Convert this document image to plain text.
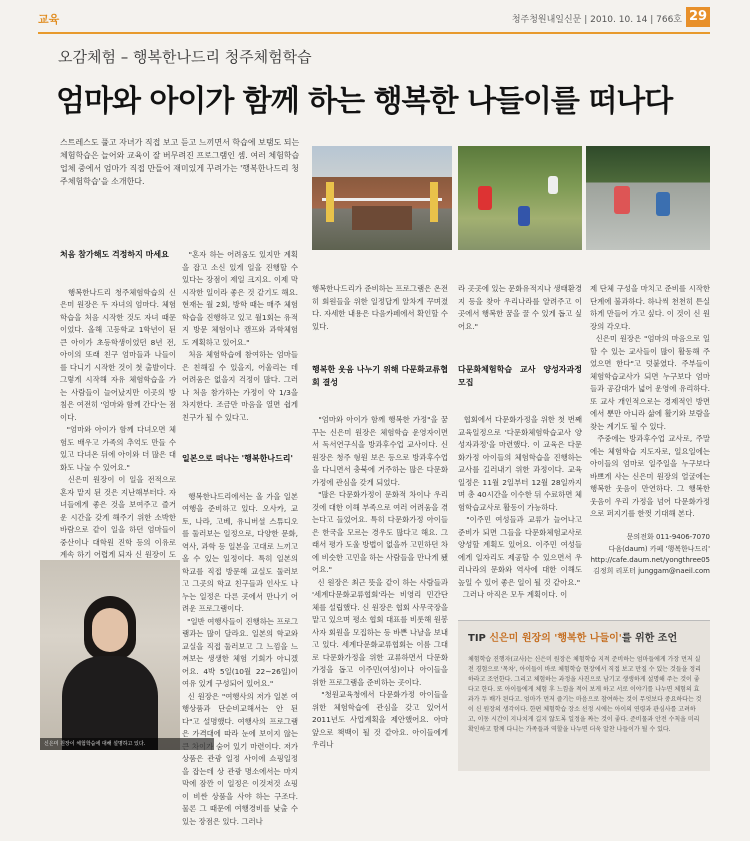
교육	청주청원내일신문 | 2010. 10. 14 | 766호 29
오감체험 – 행복한나드리 청주체험학습
엄마와 아이가 함께 하는 행복한 나들이를 떠나다
스트레스도 풀고 자녀가 직접 보고 듣고 느끼면서 학습에 보탬도 되는 체험학습은 늘어와 교육이 잘 버무려진 프로그램인 셈. 여러 체험학습업체 중에서 엄마가 직접 만들어 재미있게 꾸려가는 '행복한나드리 청주체험학습'을 소개한다.

처음 참가해도 걱정하지 마세요

행복한나드리 청주체험학습의 신은미 원장은 두 자녀의 엄마다. 체험학습을 처음 시작한 것도 자녀 때문이었다. 올해 고등학교 1학년이 된 큰 아이가 초등학생이었던 8년 전, 아이의 또래 친구 엄마들과 나들이를 다니기 시작한 것이 첫 출발이다. 그렇게 시작해 자유 체험학습을 가는 사람들이 늘어났지만 이곳의 방침은 여전히 '엄마와 함께 간다'는 점이다.
"엄마와 아이가 함께 다녀오면 체험도 배우고 가족의 추억도 만들 수 있고 다녀온 뒤에 아이와 더 많은 대화도 나눌 수 있어요."
신은미 원장이 이 일을 전적으로 혼자 맡지 된 것은 지난해부터다. 자녀들에게 좋은 것을 보여주고 즐거운 시간을 갖게 해주기 위한 소박한 바람으로 같이 일을 하던 엄마들이 중산이나 대학원 진학 등의 이유로 계속 하기 어렵게 되자 신 원장이 도

신은미 원장이 체험학습에 대해 설명하고 있다.

"혼자 하는 어려움도 있지만 계획을 잡고 소신 있게 일을 진행할 수 있다는 장점이 제일 크지요. 이제 막 시작한 일이라 좋은 것 같기도 해요. 현재는 월 2회, 방학 때는 매주 체험학습을 진행하고 있고 월1회는 유적지 방문 체험이나 캠프와 과학체험도 계획하고 있어요."
처음 체험학습에 참여하는 엄마들은 친해질 수 있을지, 어울리는 데 어려움은 없을지 걱정이 많다. 그러나 처음 참가하는 가정이 약 1/3을 차지한다. 조금만 마음을 열면 쉽게 친구가 될 수 있다고.

일본으로 떠나는 '행복한나드리'

행복한나드리에서는 올 가을 일본여행을 준비하고 있다. 오사카, 교토, 나라, 고베, 유니버셜 스튜디오를 둘러보는 일정으로, 다양한 문화, 역사, 과학 등 일본을 고대로 느끼고 올 수 있는 일정이다. 특히 일본의 학교를 직접 방문해 교실도 둘러보고 그곳의 학교 친구들과 인사도 나누는 일정은 다른 곳에서 만나기 어려운 프로그램이다.
"일반 여행사들이 진행하는 프로그램과는 많이 달라요. 일본의 학교와 교실을 직접 둘러보고 그 느낌을 느껴보는 생생한 체험 기회가 아니겠어요. 4박 5일(10월 22~26일)이 여유 있게 구성되어 있어요."
신 원장은 "여행사의 저가 일본 여행상품과 단순비교해서는 안 된다"고 설명했다. 여행사의 프로그램은 가격대에 따라 눈에 보이지 않는 큰 차이가 숨어 있기 마련이다. 저가 상품은 관광 일정 사이에 쇼핑일정을 잡는데 상 관광 명소에서는 마지막에 잠깐 이 일정은 이것저것 쇼핑이 비싼 상품을 사야 하는 구조다. 물론 그 때문에 여행경비를 낮출 수 있는 장점은 있다. 그러나

행복한나드리가 준비하는 프로그램은 온전히 회원들을 위한 일정답게 알차게 꾸며졌다. 자세한 내용은 다음카페에서 확인할 수 있다.

행복한 웃음 나누기 위해 다문화교류협회 결성

"엄마와 아이가 함께 행복한 가정"을 꿈꾸는 신은미 원장은 체험학습 운영자이면서 독서연구식을 방과후수업 교사이다. 신 원장은 청주 형원 보은 등으로 방과후수업을 다니면서 충북에 거주하는 많은 다문화가정에 관심을 갖게 되었다.
"많은 다문화가정이 문화적 차이나 우리 것에 대한 이해 부족으로 여러 어려움을 겪는다고 들었어요. 특히 다문화가정 아이들은 한국을 모르는 경우도 많다고 해요. 그래서 평가 도울 방법이 없을까 고민하던 차에 비슷한 고민을 하는 사람들을 만나게 됐어요."
신 원장은 최근 뜻을 같이 하는 사람들과 '세계다문화교류협회'라는 비영리 민간단체를 설립했다. 신 원장은 협회 사무국장을 맡고 있으며 평소 협회 대표를 비롯해 원봉사자 회원을 모집하는 등 바쁜 나날을 보내고 있다. 세계다문화교류협회는 이름 그대로 다문화가정을 위한 교류하면서 다문화가정을 돕고 이주민(여성)이나 아이들을 위한 프로그램을 준비하는 곳이다.
"청원교육청에서 다문화가정 아이들을 위한 체험학습에 관심을 갖고 있어서 2011년도 사업계획을 제안했어요. 아마 앞으로 책백이 될 것 같아요. 아이들에게 우리나

라 곳곳에 있는 문화유적지나 생태환경지 등을 찾아 우리나라를 알려주고 이곳에서 행복한 꿈을 꿀 수 있게 돕고 싶어요."

다문화체험학습 교사 양성자과정 모집

협회에서 다문화가정을 위한 첫 번째 교육일정으로 '다문화체험학습교사 양성자과정'을 마련했다. 이 교육은 다문화가정 아이들의 체험학습을 진행하는 교사를 길러내기 위한 과정이다. 교육일정은 11월 2일부터 12월 28일까지며 총 40시간을 이수한 뒤 수료하면 체험학습교사로 활동이 가능하다.
"이주민 여성들과 교류가 늘어나고 준비가 되면 그들을 다문화체험교사로 양성할 계획도 있어요. 이주민 여성들에게 일자리도 제공할 수 있으면서 우리나라의 문화와 역사에 대한 이해도 높일 수 있어 좋은 일이 될 것 같아요."
그러나 아직은 모두 계획이다. 이

제 단체 구성을 마치고 준비를 시작한 단계에 불과하다. 하나씩 천천히 튼실하게 만들어 가고 싶다. 이 것이 신 원장의 각오다.
신은미 원장은 "엄마의 마음으로 일할 수 있는 교사들이 많이 활동해 주었으면 한다"고 덧붙였다. 주부들이 체험학습교사가 되면 누구보다 엄마들과 공감대가 넓어 운영에 유리하다. 또 교사 개인적으로는 경제적인 방면에서 뿐만 아니라 삶에 활기와 보람을 찾는 계기도 될 수 있다.
주중에는 방과후수업 교사로, 주말에는 체험학습 지도자로, 일요일에는 아이들의 엄마로 일주일을 누구보다 바쁘게 사는 신은미 원장의 얼굴에는 행복한 웃음이 만연하다. 그 행복한 웃음이 우리 가정을 넘어 다문화가정으로 퍼지기를 한껏 기대해 본다.

문의전화 011-9406-7070
다음(daum) 카페 '행복한나드리'
http://cafe.daum.net/yongthree05
김정희 리포터 junggam@naeil.com
TIP 신은미 원장의 '행복한 나들이'를 위한 조언
체험학습 진행자(교사)는 신은미 원장은 체험학습 지적 준비하는 엄마들에게 가장 먼저 실전 경험으로 '목차', 아이들이 바로 체험학습 현장에서 직접 보고 만질 수 있는 것들을 정리하라고 조언한다. 그리고 체험하는 과정을 사진으로 남기고 생생하게 설명해 주는 것이 좋다고 한다. 또 아이들에게 체험 후 느낌을 적어 보게 하고 서로 이야기를 나누면 체험의 효과가 두 배가 된다고. 엄마가 먼저 즐기는 마음으로 참여하는 것이 무엇보다 중요하다는 것이 신 원장의 생각이다. 한편 체험학습 장소 선정 시에는 아이의 연령과 관심사를 고려하고, 이동 시간이 지나치게 길지 않도록 일정을 짜는 것이 좋다. 준비물과 안전 수칙을 미리 확인하고 함께 다니는 가족들과 역할을 나누면 더욱 알찬 나들이가 될 수 있다.
